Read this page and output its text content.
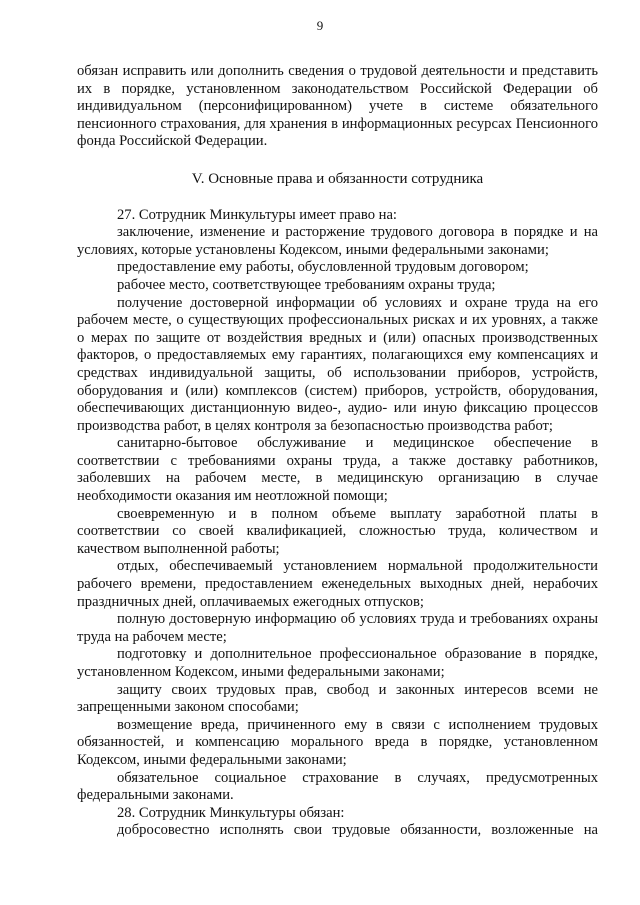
9

обязан исправить или дополнить сведения о трудовой деятельности и представить их в порядке, установленном законодательством Российской Федерации об индивидуальном (персонифицированном) учете в системе обязательного пенсионного страхования, для хранения в информационных ресурсах Пенсионного фонда Российской Федерации.

V. Основные права и обязанности сотрудника

27. Сотрудник Минкультуры имеет право на:

заключение, изменение и расторжение трудового договора в порядке и на условиях, которые установлены Кодексом, иными федеральными законами;

предоставление ему работы, обусловленной трудовым договором;

рабочее место, соответствующее требованиям охраны труда;

получение достоверной информации об условиях и охране труда на его рабочем месте, о существующих профессиональных рисках и их уровнях, а также о мерах по защите от воздействия вредных и (или) опасных производственных факторов, о предоставляемых ему гарантиях, полагающихся ему компенсациях и средствах индивидуальной защиты, об использовании приборов, устройств, оборудования и (или) комплексов (систем) приборов, устройств, оборудования, обеспечивающих дистанционную видео-, аудио- или иную фиксацию процессов производства работ, в целях контроля за безопасностью производства работ;

санитарно-бытовое обслуживание и медицинское обеспечение в соответствии с требованиями охраны труда, а также доставку работников, заболевших на рабочем месте, в медицинскую организацию в случае необходимости оказания им неотложной помощи;

своевременную и в полном объеме выплату заработной платы в соответствии со своей квалификацией, сложностью труда, количеством и качеством выполненной работы;

отдых, обеспечиваемый установлением нормальной продолжительности рабочего времени, предоставлением еженедельных выходных дней, нерабочих праздничных дней, оплачиваемых ежегодных отпусков;

полную достоверную информацию об условиях труда и требованиях охраны труда на рабочем месте;

подготовку и дополнительное профессиональное образование в порядке, установленном Кодексом, иными федеральными законами;

защиту своих трудовых прав, свобод и законных интересов всеми не запрещенными законом способами;

возмещение вреда, причиненного ему в связи с исполнением трудовых обязанностей, и компенсацию морального вреда в порядке, установленном Кодексом, иными федеральными законами;

обязательное социальное страхование в случаях, предусмотренных федеральными законами.

28. Сотрудник Минкультуры обязан:

добросовестно исполнять свои трудовые обязанности, возложенные на
